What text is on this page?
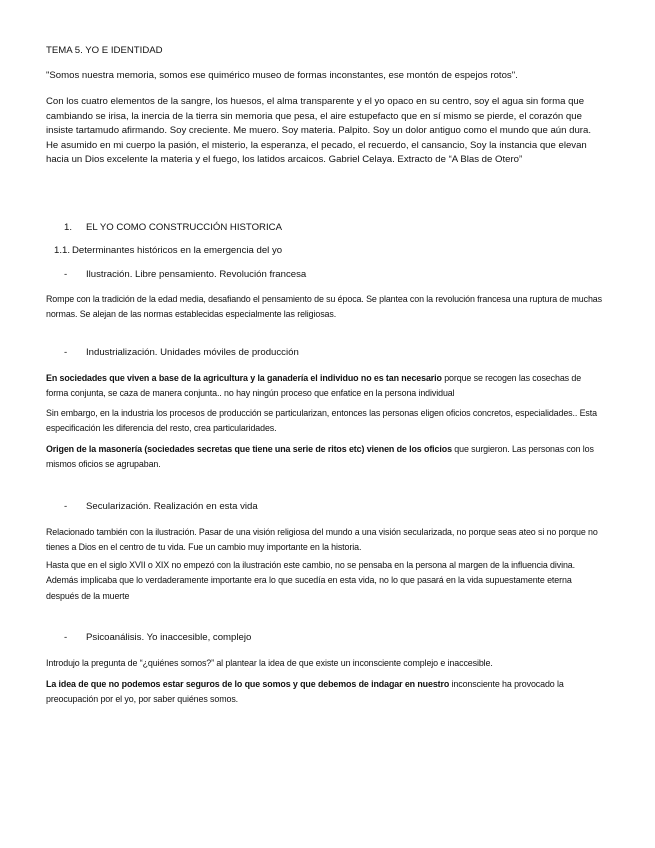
TEMA 5. YO E IDENTIDAD

"Somos nuestra memoria, somos ese quimérico museo de formas inconstantes, ese montón de espejos rotos".

Con los cuatro elementos de la sangre, los huesos, el alma transparente y el yo opaco en su centro, soy el agua sin forma que cambiando se irisa, la inercia de la tierra sin memoria que pesa, el aire estupefacto que en sí mismo se pierde, el corazón que insiste tartamudo afirmando. Soy creciente. Me muero. Soy materia. Palpito. Soy un dolor antiguo como el mundo que aún dura. He asumido en mi cuerpo la pasión, el misterio, la esperanza, el pecado, el recuerdo, el cansancio, Soy la instancia que elevan hacia un Dios excelente la materia y el fuego, los latidos arcaicos. Gabriel Celaya. Extracto de “A Blas de Otero”

1. EL YO COMO CONSTRUCCIÓN HISTORICA

1.1. Determinantes históricos en la emergencia del yo

- Ilustración. Libre pensamiento. Revolución francesa

Rompe con la tradición de la edad media, desafiando el pensamiento de su época. Se plantea con la revolución francesa una ruptura de muchas normas. Se alejan de las normas establecidas especialmente las religiosas.

- Industrialización. Unidades móviles de producción

En sociedades que viven a base de la agricultura y la ganadería el individuo no es tan necesario porque se recogen las cosechas de forma conjunta, se caza de manera conjunta.. no hay ningún proceso que enfatice en la persona individual

Sin embargo, en la industria los procesos de producción se particularizan, entonces las personas eligen oficios concretos, especialidades.. Esta especificación les diferencia del resto, crea particularidades.

Origen de la masonería (sociedades secretas que tiene una serie de ritos etc) vienen de los oficios que surgieron. Las personas con los mismos oficios se agrupaban.

- Secularización. Realización en esta vida

Relacionado también con la ilustración. Pasar de una visión religiosa del mundo a una visión secularizada, no porque seas ateo si no porque no tienes a Dios en el centro de tu vida. Fue un cambio muy importante en la historia.

Hasta que en el siglo XVII o XIX no empezó con la ilustración este cambio, no se pensaba en la persona al margen de la influencia divina. Además implicaba que lo verdaderamente importante era lo que sucedía en esta vida, no lo que pasará en la vida supuestamente eterna después de la muerte

- Psicoanálisis. Yo inaccesible, complejo

Introdujo la pregunta de “¿quiénes somos?” al plantear la idea de que existe un inconsciente complejo e inaccesible.

La idea de que no podemos estar seguros de lo que somos y que debemos de indagar en nuestro inconsciente ha provocado la preocupación por el yo, por saber quiénes somos.
